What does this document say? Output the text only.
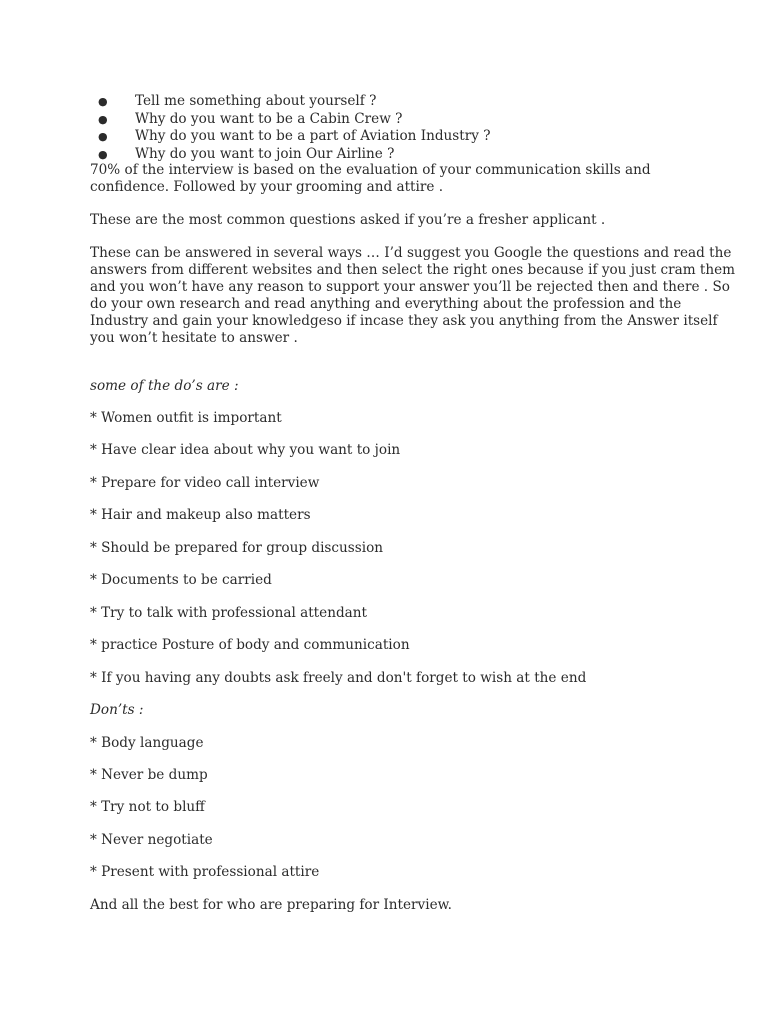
● Tell me something about yourself ?
● Why do you want to be a Cabin Crew ?
● Why do you want to be a part of Aviation Industry ?
● Why do you want to join Our Airline ?
70% of the interview is based on the evaluation of your communication skills and
confidence. Followed by your grooming and attire .
These are the most common questions asked if you’re a fresher applicant .
These can be answered in several ways … I’d suggest you Google the questions and read the
answers from different websites and then select the right ones because if you just cram them
and you won’t have any reason to support your answer you’ll be rejected then and there . So
do your own research and read anything and everything about the profession and the
Industry and gain your knowledgeso if incase they ask you anything from the Answer itself
you won’t hesitate to answer .
some of the do’s are :
* Women outfit is important
* Have clear idea about why you want to join
* Prepare for video call interview
* Hair and makeup also matters
* Should be prepared for group discussion
* Documents to be carried
* Try to talk with professional attendant
* practice Posture of body and communication
* If you having any doubts ask freely and don't forget to wish at the end
Don’ts :
* Body language
* Never be dump
* Try not to bluff
* Never negotiate
* Present with professional attire
And all the best for who are preparing for Interview.
